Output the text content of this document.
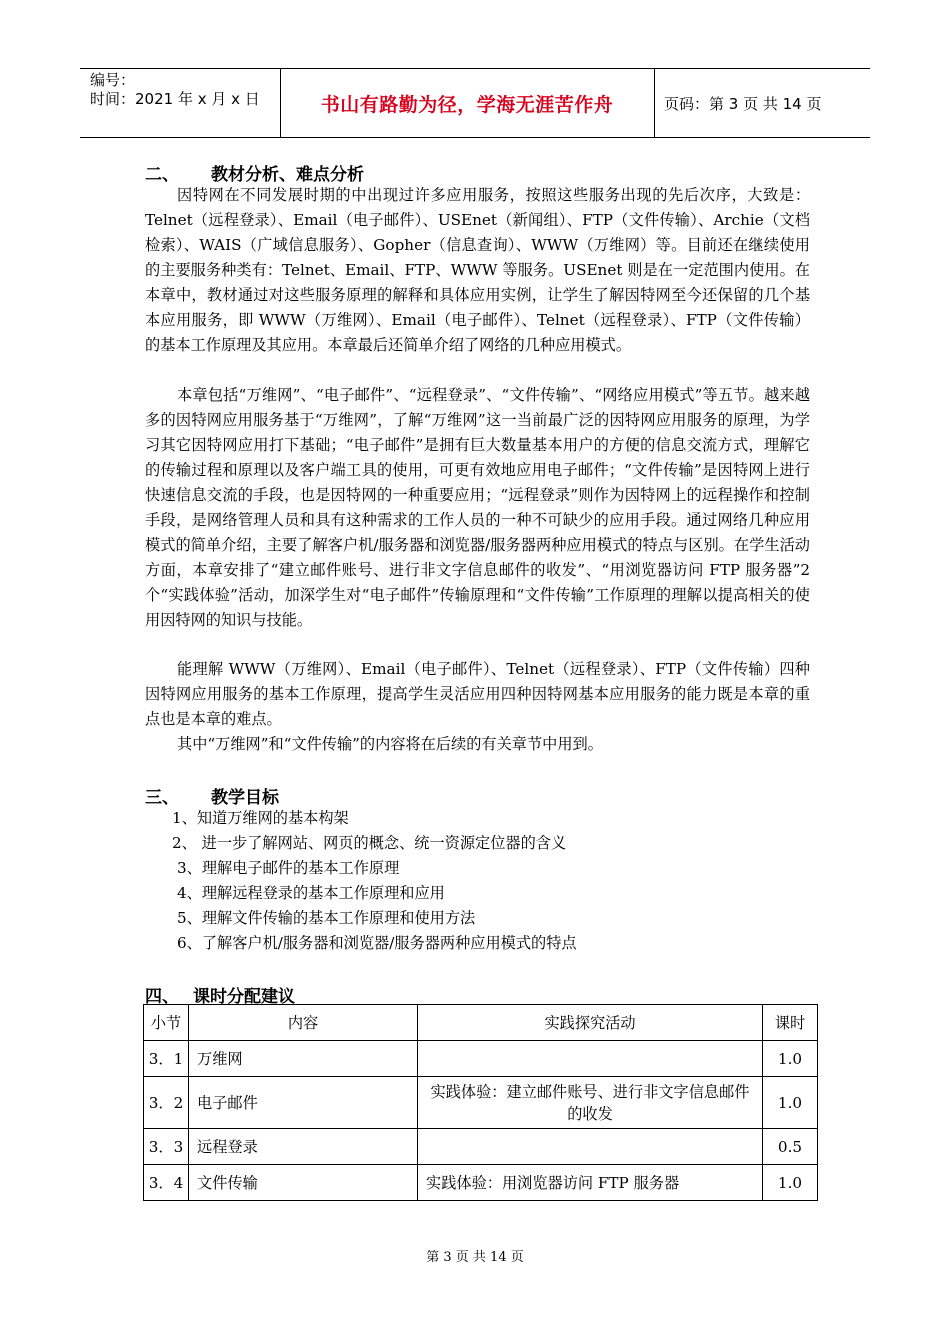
编号：
时间：2021 年 x 月 x 日	书山有路勤为径，学海无涯苦作舟	页码：第 3 页 共 14 页
二、 教材分析、难点分析
因特网在不同发展时期的中出现过许多应用服务，按照这些服务出现的先后次序，大致是：Telnet（远程登录）、Email（电子邮件）、USEnet（新闻组）、FTP（文件传输）、Archie（文档检索）、WAIS（广域信息服务）、Gopher（信息查询）、WWW（万维网）等。目前还在继续使用的主要服务种类有：Telnet、Email、FTP、WWW 等服务。USEnet 则是在一定范围内使用。在本章中，教材通过对这些服务原理的解释和具体应用实例，让学生了解因特网至今还保留的几个基本应用服务，即 WWW（万维网）、Email（电子邮件）、Telnet（远程登录）、FTP（文件传输）的基本工作原理及其应用。本章最后还简单介绍了网络的几种应用模式。
本章包括“万维网”、“电子邮件”、“远程登录”、“文件传输”、“网络应用模式”等五节。越来越多的因特网应用服务基于“万维网”，了解“万维网”这一当前最广泛的因特网应用服务的原理，为学习其它因特网应用打下基础；“电子邮件”是拥有巨大数量基本用户的方便的信息交流方式，理解它的传输过程和原理以及客户端工具的使用，可更有效地应用电子邮件；“文件传输”是因特网上进行快速信息交流的手段，也是因特网的一种重要应用；“远程登录”则作为因特网上的远程操作和控制手段，是网络管理人员和具有这种需求的工作人员的一种不可缺少的应用手段。通过网络几种应用模式的简单介绍，主要了解客户机/服务器和浏览器/服务器两种应用模式的特点与区别。在学生活动方面，本章安排了“建立邮件账号、进行非文字信息邮件的收发”、“用浏览器访问 FTP 服务器”2 个“实践体验”活动，加深学生对“电子邮件”传输原理和“文件传输”工作原理的理解以提高相关的使用因特网的知识与技能。
能理解 WWW（万维网）、Email（电子邮件）、Telnet（远程登录）、FTP（文件传输）四种因特网应用服务的基本工作原理，提高学生灵活应用四种因特网基本应用服务的能力既是本章的重点也是本章的难点。
其中“万维网”和“文件传输”的内容将在后续的有关章节中用到。
三、 教学目标
1、知道万维网的基本构架
2、 进一步了解网站、网页的概念、统一资源定位器的含义
3、理解电子邮件的基本工作原理
4、理解远程登录的基本工作原理和应用
5、理解文件传输的基本工作原理和使用方法
6、了解客户机/服务器和浏览器/服务器两种应用模式的特点
四、 课时分配建议
小节	内容	实践探究活动	课时
3．1	万维网		1.0
3．2	电子邮件	实践体验：建立邮件账号、进行非文字信息邮件的收发	1.0
3．3	远程登录		0.5
3．4	文件传输	实践体验：用浏览器访问 FTP 服务器	1.0
第 3 页 共 14 页
